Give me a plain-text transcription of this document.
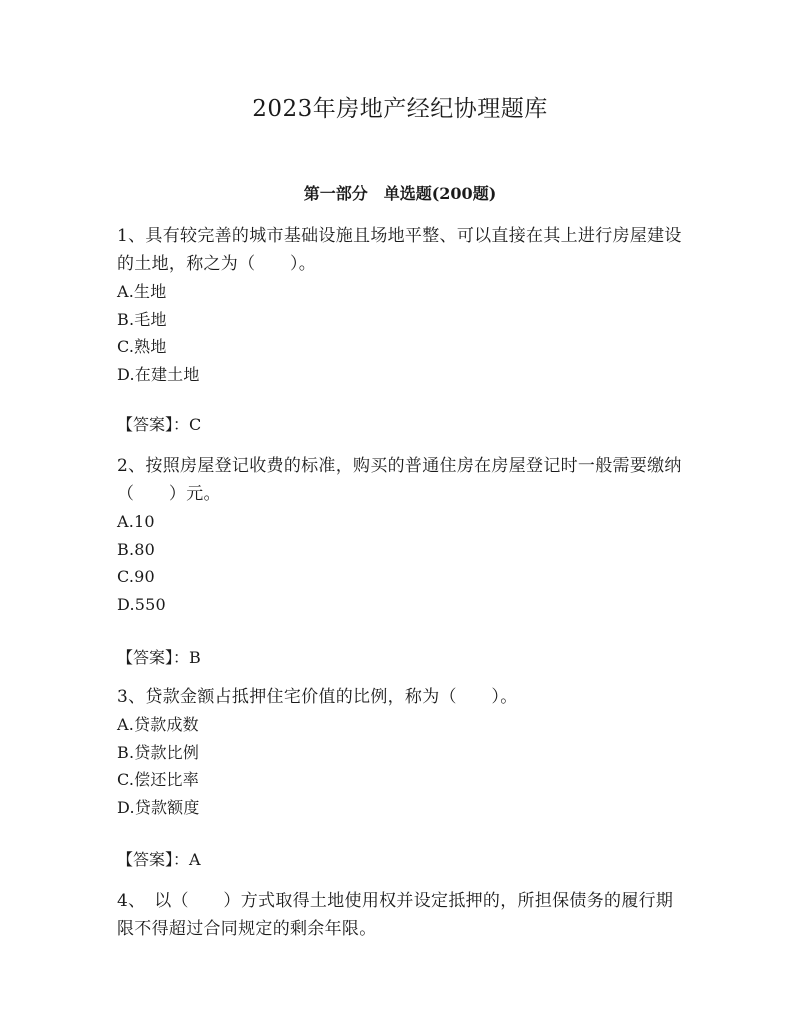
2023年房地产经纪协理题库
第一部分　单选题(200题)

1、具有较完善的城市基础设施且场地平整、可以直接在其上进行房屋建设的土地，称之为（　　）。

A.生地

B.毛地

C.熟地

D.在建土地

【答案】：C

2、按照房屋登记收费的标准，购买的普通住房在房屋登记时一般需要缴纳（　　）元。

A.10

B.80

C.90

D.550

【答案】：B

3、贷款金额占抵押住宅价值的比例，称为（　　）。

A.贷款成数

B.贷款比例

C.偿还比率

D.贷款额度

【答案】：A

4、　以（　　）方式取得土地使用权并设定抵押的，所担保债务的履行期限不得超过合同规定的剩余年限。
